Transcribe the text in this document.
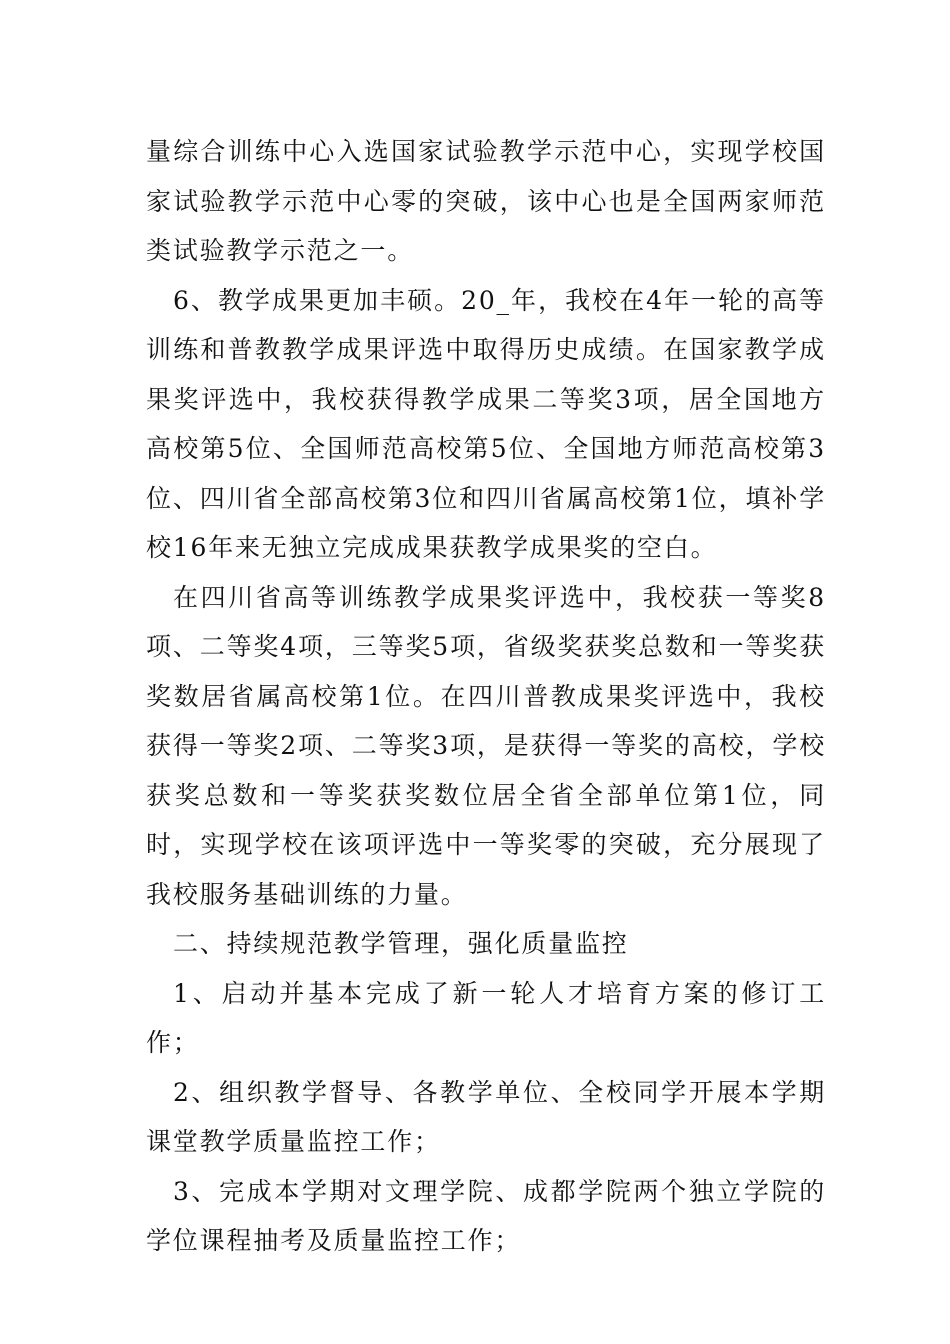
量综合训练中心入选国家试验教学示范中心，实现学校国家试验教学示范中心零的突破，该中心也是全国两家师范类试验教学示范之一。

6、教学成果更加丰硕。20_年，我校在4年一轮的高等训练和普教教学成果评选中取得历史成绩。在国家教学成果奖评选中，我校获得教学成果二等奖3项，居全国地方高校第5位、全国师范高校第5位、全国地方师范高校第3位、四川省全部高校第3位和四川省属高校第1位，填补学校16年来无独立完成成果获教学成果奖的空白。

在四川省高等训练教学成果奖评选中，我校获一等奖8项、二等奖4项，三等奖5项，省级奖获奖总数和一等奖获奖数居省属高校第1位。在四川普教成果奖评选中，我校获得一等奖2项、二等奖3项，是获得一等奖的高校，学校获奖总数和一等奖获奖数位居全省全部单位第1位，同时，实现学校在该项评选中一等奖零的突破，充分展现了我校服务基础训练的力量。

二、持续规范教学管理，强化质量监控

1、启动并基本完成了新一轮人才培育方案的修订工作；

2、组织教学督导、各教学单位、全校同学开展本学期课堂教学质量监控工作；

3、完成本学期对文理学院、成都学院两个独立学院的学位课程抽考及质量监控工作；
